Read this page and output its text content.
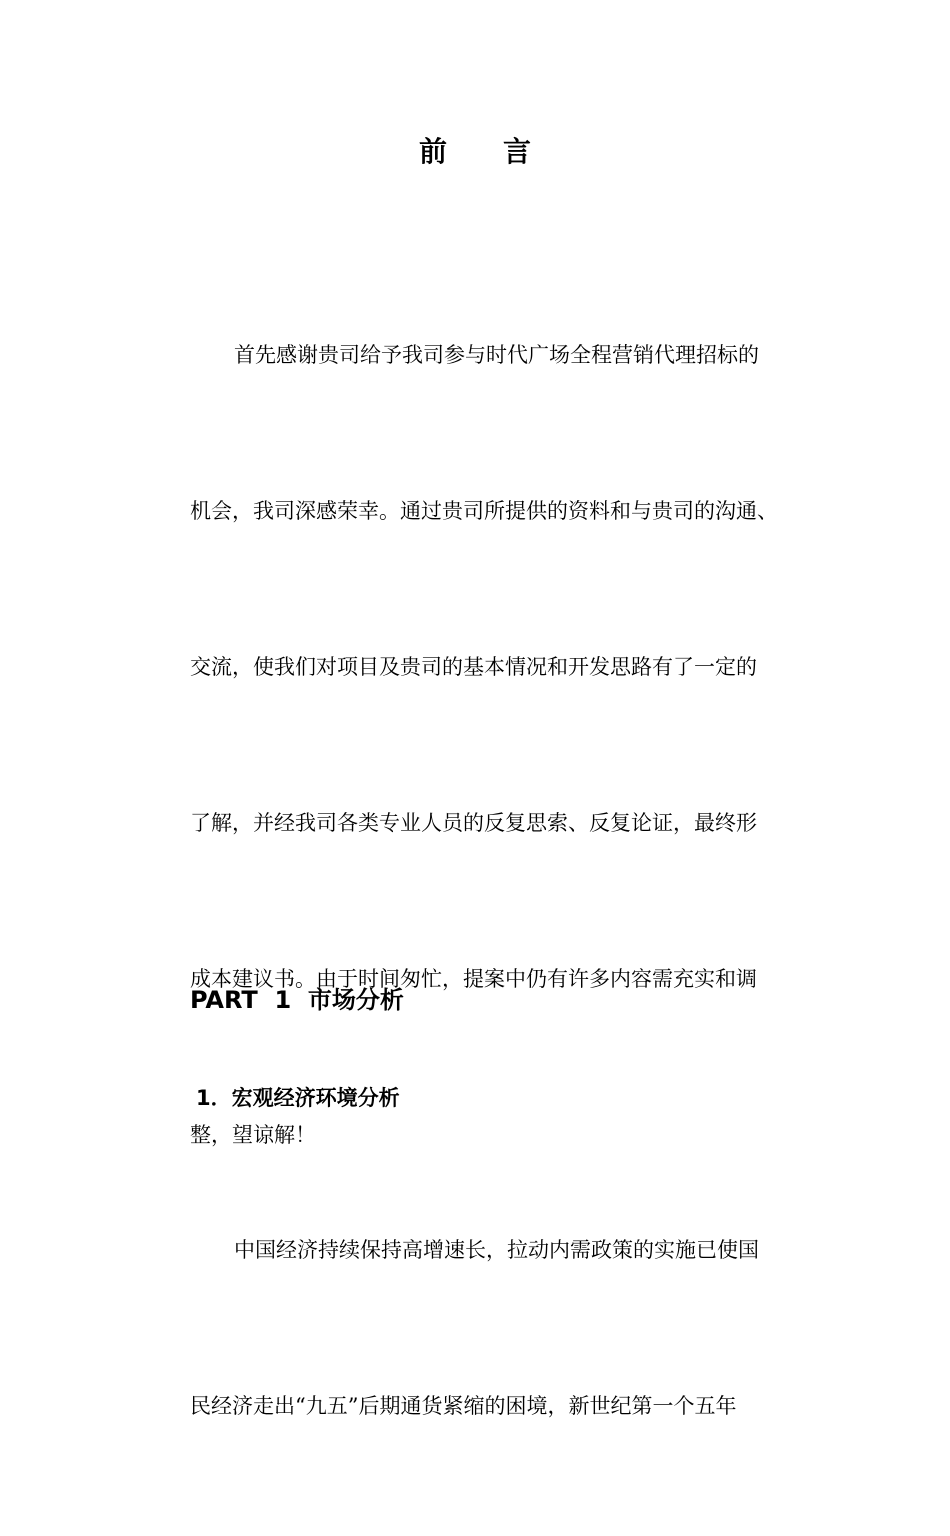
前 言

首先感谢贵司给予我司参与时代广场全程营销代理招标的

机会，我司深感荣幸。通过贵司所提供的资料和与贵司的沟通、

交流，使我们对项目及贵司的基本情况和开发思路有了一定的

了解，并经我司各类专业人员的反复思索、反复论证，最终形

成本建议书。由于时间匆忙，提案中仍有许多内容需充实和调

整，望谅解！

PART  1  市场分析
1．宏观经济环境分析

中国经济持续保持高增速长，拉动内需政策的实施已使国

民经济走出“九五”后期通货紧缩的困境，新世纪第一个五年
